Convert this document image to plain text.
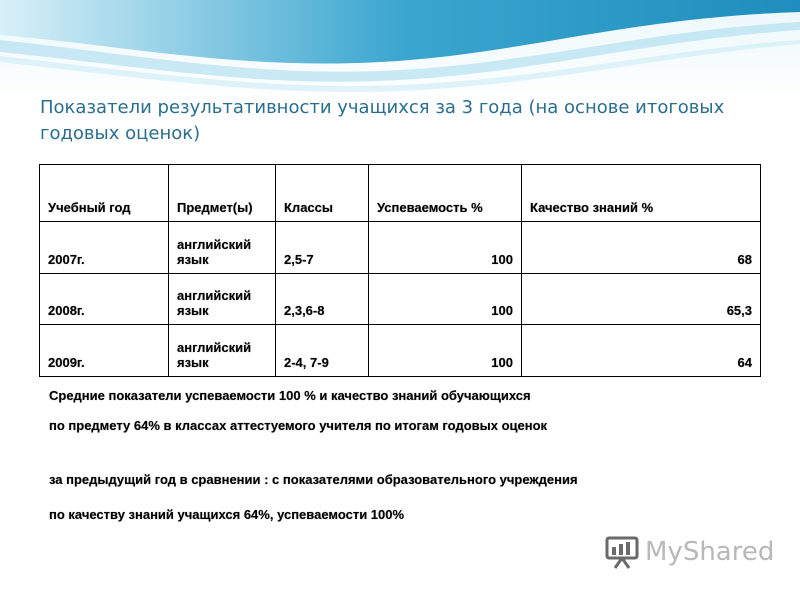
Показатели результативности учащихся за 3 года (на основе итоговых годовых оценок)
Учебный год	Предмет(ы)	Классы	Успеваемость %	Качество знаний %
2007г.	английский язык	2,5-7	100	68
2008г.	английский язык	2,3,6-8	100	65,3
2009г.	английский язык	2-4, 7-9	100	64

Средние показатели успеваемости 100 % и качество знаний обучающихся

по предмету 64% в классах аттестуемого учителя по итогам годовых оценок

за предыдущий год в сравнении : с показателями образовательного учреждения

по качеству знаний учащихся 64%, успеваемости 100%

MyShared
